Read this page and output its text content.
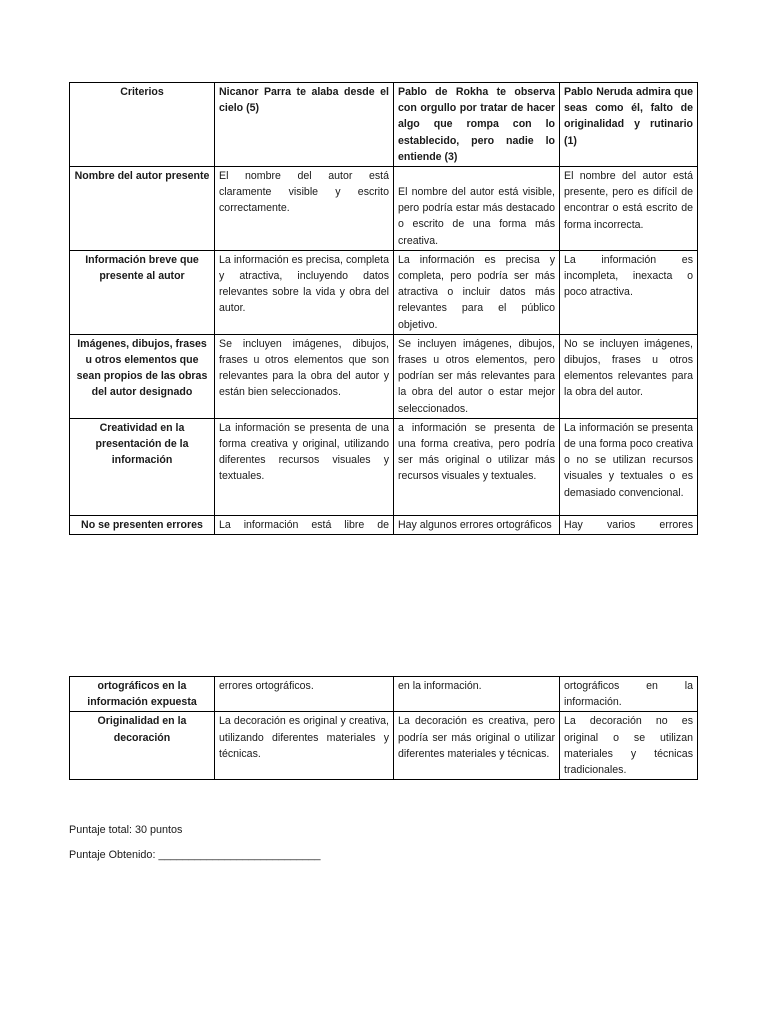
Criterios	Nicanor Parra te alaba desde el cielo (5)	Pablo de Rokha te observa con orgullo por tratar de hacer algo que rompa con lo establecido, pero nadie lo entiende (3)	Pablo Neruda admira que seas como él, falto de originalidad y rutinario (1)
Nombre del autor presente	El nombre del autor está claramente visible y escrito correctamente.	El nombre del autor está visible, pero podría estar más destacado o escrito de una forma más creativa.	El nombre del autor está presente, pero es difícil de encontrar o está escrito de forma incorrecta.
Información breve que presente al autor	La información es precisa, completa y atractiva, incluyendo datos relevantes sobre la vida y obra del autor.	La información es precisa y completa, pero podría ser más atractiva o incluir datos más relevantes para el público objetivo.	La información es incompleta, inexacta o poco atractiva.
Imágenes, dibujos, frases u otros elementos que sean propios de las obras del autor designado	Se incluyen imágenes, dibujos, frases u otros elementos que son relevantes para la obra del autor y están bien seleccionados.	Se incluyen imágenes, dibujos, frases u otros elementos, pero podrían ser más relevantes para la obra del autor o estar mejor seleccionados.	No se incluyen imágenes, dibujos, frases u otros elementos relevantes para la obra del autor.
Creatividad en la presentación de la información	La información se presenta de una forma creativa y original, utilizando diferentes recursos visuales y textuales.	a información se presenta de una forma creativa, pero podría ser más original o utilizar más recursos visuales y textuales.	La información se presenta de una forma poco creativa o no se utilizan recursos visuales y textuales o es demasiado convencional.
No se presenten errores	La información está libre de	Hay algunos errores ortográficos	Hay varios errores
ortográficos en la información expuesta	errores ortográficos.	en la información.	ortográficos en la información.

Originalidad en la decoración	La decoración es original y creativa, utilizando diferentes materiales y técnicas.	La decoración es creativa, pero podría ser más original o utilizar diferentes materiales y técnicas.	La decoración no es original o se utilizan materiales y técnicas tradicionales.
Puntaje total: 30 puntos
Puntaje Obtenido: ___________________________
